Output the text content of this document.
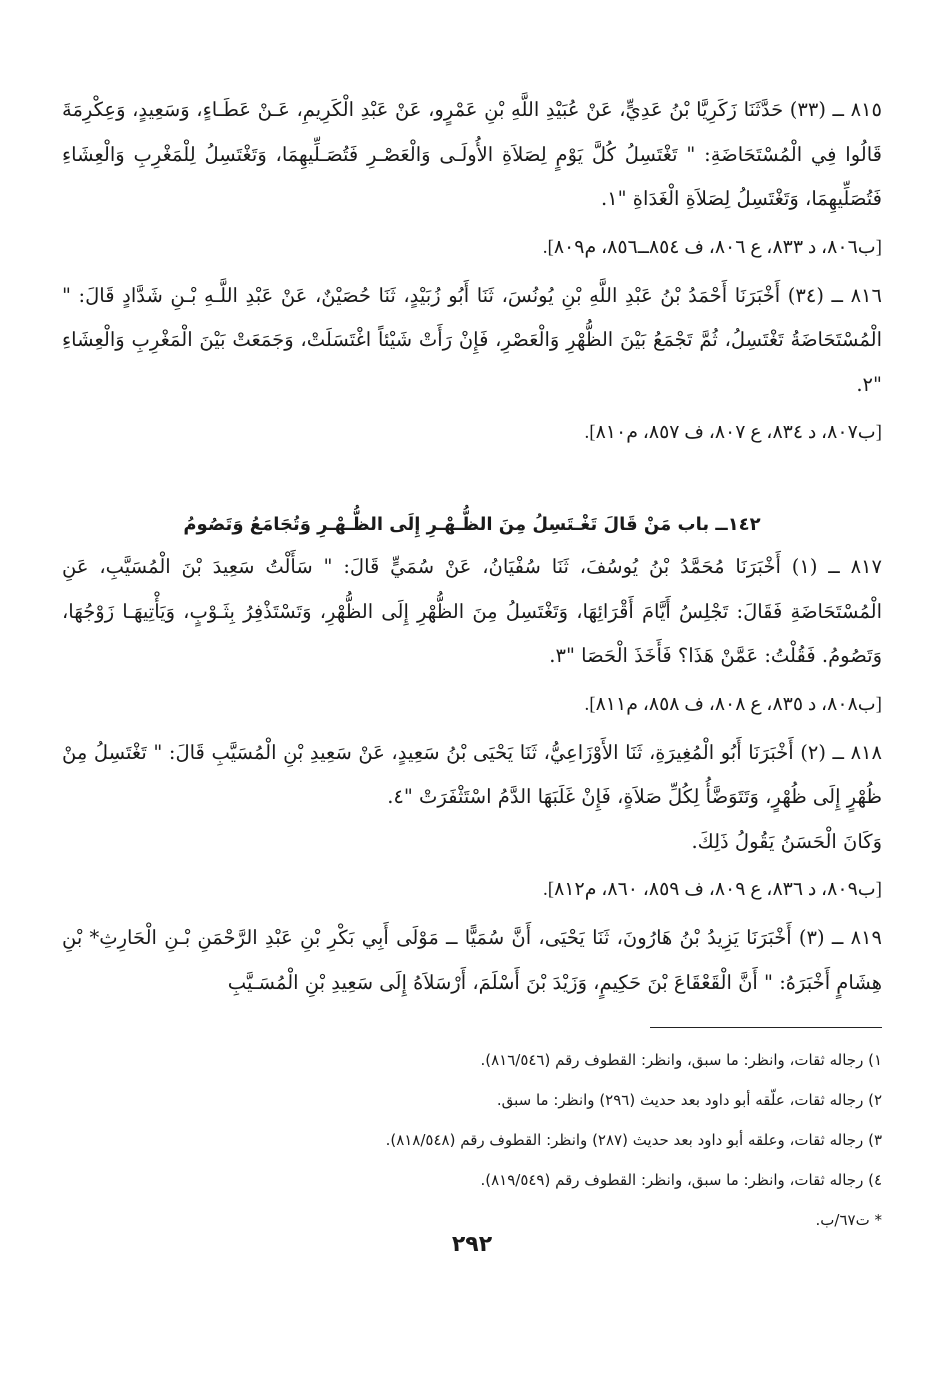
٨١٥ ــ (٣٣) حَدَّثَنَا زَكَرِيَّا بْنُ عَدِيٍّ، عَنْ عُبَيْدِ اللَّهِ بْنِ عَمْرٍو، عَنْ عَبْدِ الْكَرِيمِ، عَـنْ عَطَـاءٍ، وَسَعِيدٍ، وَعِكْرِمَةَ قَالُوا فِي الْمُسْتَحَاضَةِ: " تَغْتَسِلُ كُلَّ يَوْمٍ لِصَلاَةِ الأُولَـى وَالْعَصْـرِ فَتُصَـلِّيهِمَا، وَتَغْتَسِلُ لِلْمَغْرِبِ وَالْعِشَاءِ فَتُصَلِّيهِمَا، وَتَغْتَسِلُ لِصَلاَةِ الْغَدَاةِ "١.

[ب٨٠٦، د ٨٣٣، ع ٨٠٦، ف ٨٥٤ــ٨٥٦، م٨٠٩].

٨١٦ ــ (٣٤) أَخْبَرَنَا أَحْمَدُ بْنُ عَبْدِ اللَّهِ بْنِ يُونُسَ، ثَنَا أَبُو زُبَيْدٍ، ثَنَا حُصَيْنٌ، عَنْ عَبْدِ اللَّـهِ بْـنِ شَدَّادٍ قَالَ: " الْمُسْتَحَاضَةُ تَغْتَسِلُ، ثُمَّ تَجْمَعُ بَيْنَ الظُّهْرِ وَالْعَصْرِ، فَإِنْ رَأَتْ شَيْئاً اغْتَسَلَتْ، وَجَمَعَتْ بَيْنَ الْمَغْرِبِ وَالْعِشَاءِ "٢.

[ب٨٠٧، د ٨٣٤، ع ٨٠٧، ف ٨٥٧، م٨١٠].

١٤٢ــ باب مَنْ قَالَ تَغْـتَسِلُ مِنَ الظُّـهْـرِ إِلَى الظُّـهْـرِ وَتُجَامَعُ وَتَصُومُ

٨١٧ ــ (١) أَخْبَرَنَا مُحَمَّدُ بْنُ يُوسُفَ، ثَنَا سُفْيَانُ، عَنْ سُمَيٍّ قَالَ: " سَأَلْتُ سَعِيدَ بْنَ الْمُسَيَّبِ، عَنِ الْمُسْتَحَاضَةِ فَقَالَ: تَجْلِسُ أَيَّامَ أَقْرَائِهَا، وَتَغْتَسِلُ مِنَ الظُّهْرِ إِلَى الظُّهْرِ، وَتَسْتَذْفِرُ بِثَـوْبٍ، وَيَأْتِيهَـا زَوْجُهَا، وَتَصُومُ. فَقُلْتُ: عَمَّنْ هَذَا؟ فَأَخَذَ الْحَصَا "٣.

[ب٨٠٨، د ٨٣٥، ع ٨٠٨، ف ٨٥٨، م٨١١].

٨١٨ ــ (٢) أَخْبَرَنَا أَبُو الْمُغِيرَةِ، ثَنَا الأَوْزَاعِيُّ، ثَنَا يَحْيَى بْنُ سَعِيدٍ، عَنْ سَعِيدِ بْنِ الْمُسَيَّبِ قَالَ: " تَغْتَسِلُ مِنْ ظُهْرٍ إِلَى ظُهْرٍ، وَتَتَوَضَّأُ لِكُلِّ صَلاَةٍ، فَإِنْ غَلَبَهَا الدَّمُ اسْتَثْفَرَتْ "٤.

وَكَانَ الْحَسَنُ يَقُولُ ذَلِكَ.

[ب٨٠٩، د ٨٣٦، ع ٨٠٩، ف ٨٥٩، ٨٦٠، م٨١٢].

٨١٩ ــ (٣) أَخْبَرَنَا يَزِيدُ بْنُ هَارُونَ، ثَنَا يَحْيَى، أَنَّ سُمَيًّا ــ مَوْلَى أَبِي بَكْرِ بْنِ عَبْدِ الرَّحْمَنِ بْـنِ الْحَارِثِ* بْنِ هِشَامٍ أَخْبَرَهُ: " أَنَّ الْقَعْقَاعَ بْنَ حَكِيمٍ، وَزَيْدَ بْنَ أَسْلَمَ، أَرْسَلاَهُ إِلَى سَعِيدِ بْنِ الْمُسَـيَّبِ

١) رجاله ثقات، وانظر: ما سبق، وانظر: القطوف رقم (٨١٦/٥٤٦).

٢) رجاله ثقات، علّقه أبو داود بعد حديث (٢٩٦) وانظر: ما سبق.

٣) رجاله ثقات، وعلقه أبو داود بعد حديث (٢٨٧) وانظر: القطوف رقم (٨١٨/٥٤٨).

٤) رجاله ثقات، وانظر: ما سبق، وانظر: القطوف رقم (٨١٩/٥٤٩).

* ت٦٧/ب.

٢٩٢
